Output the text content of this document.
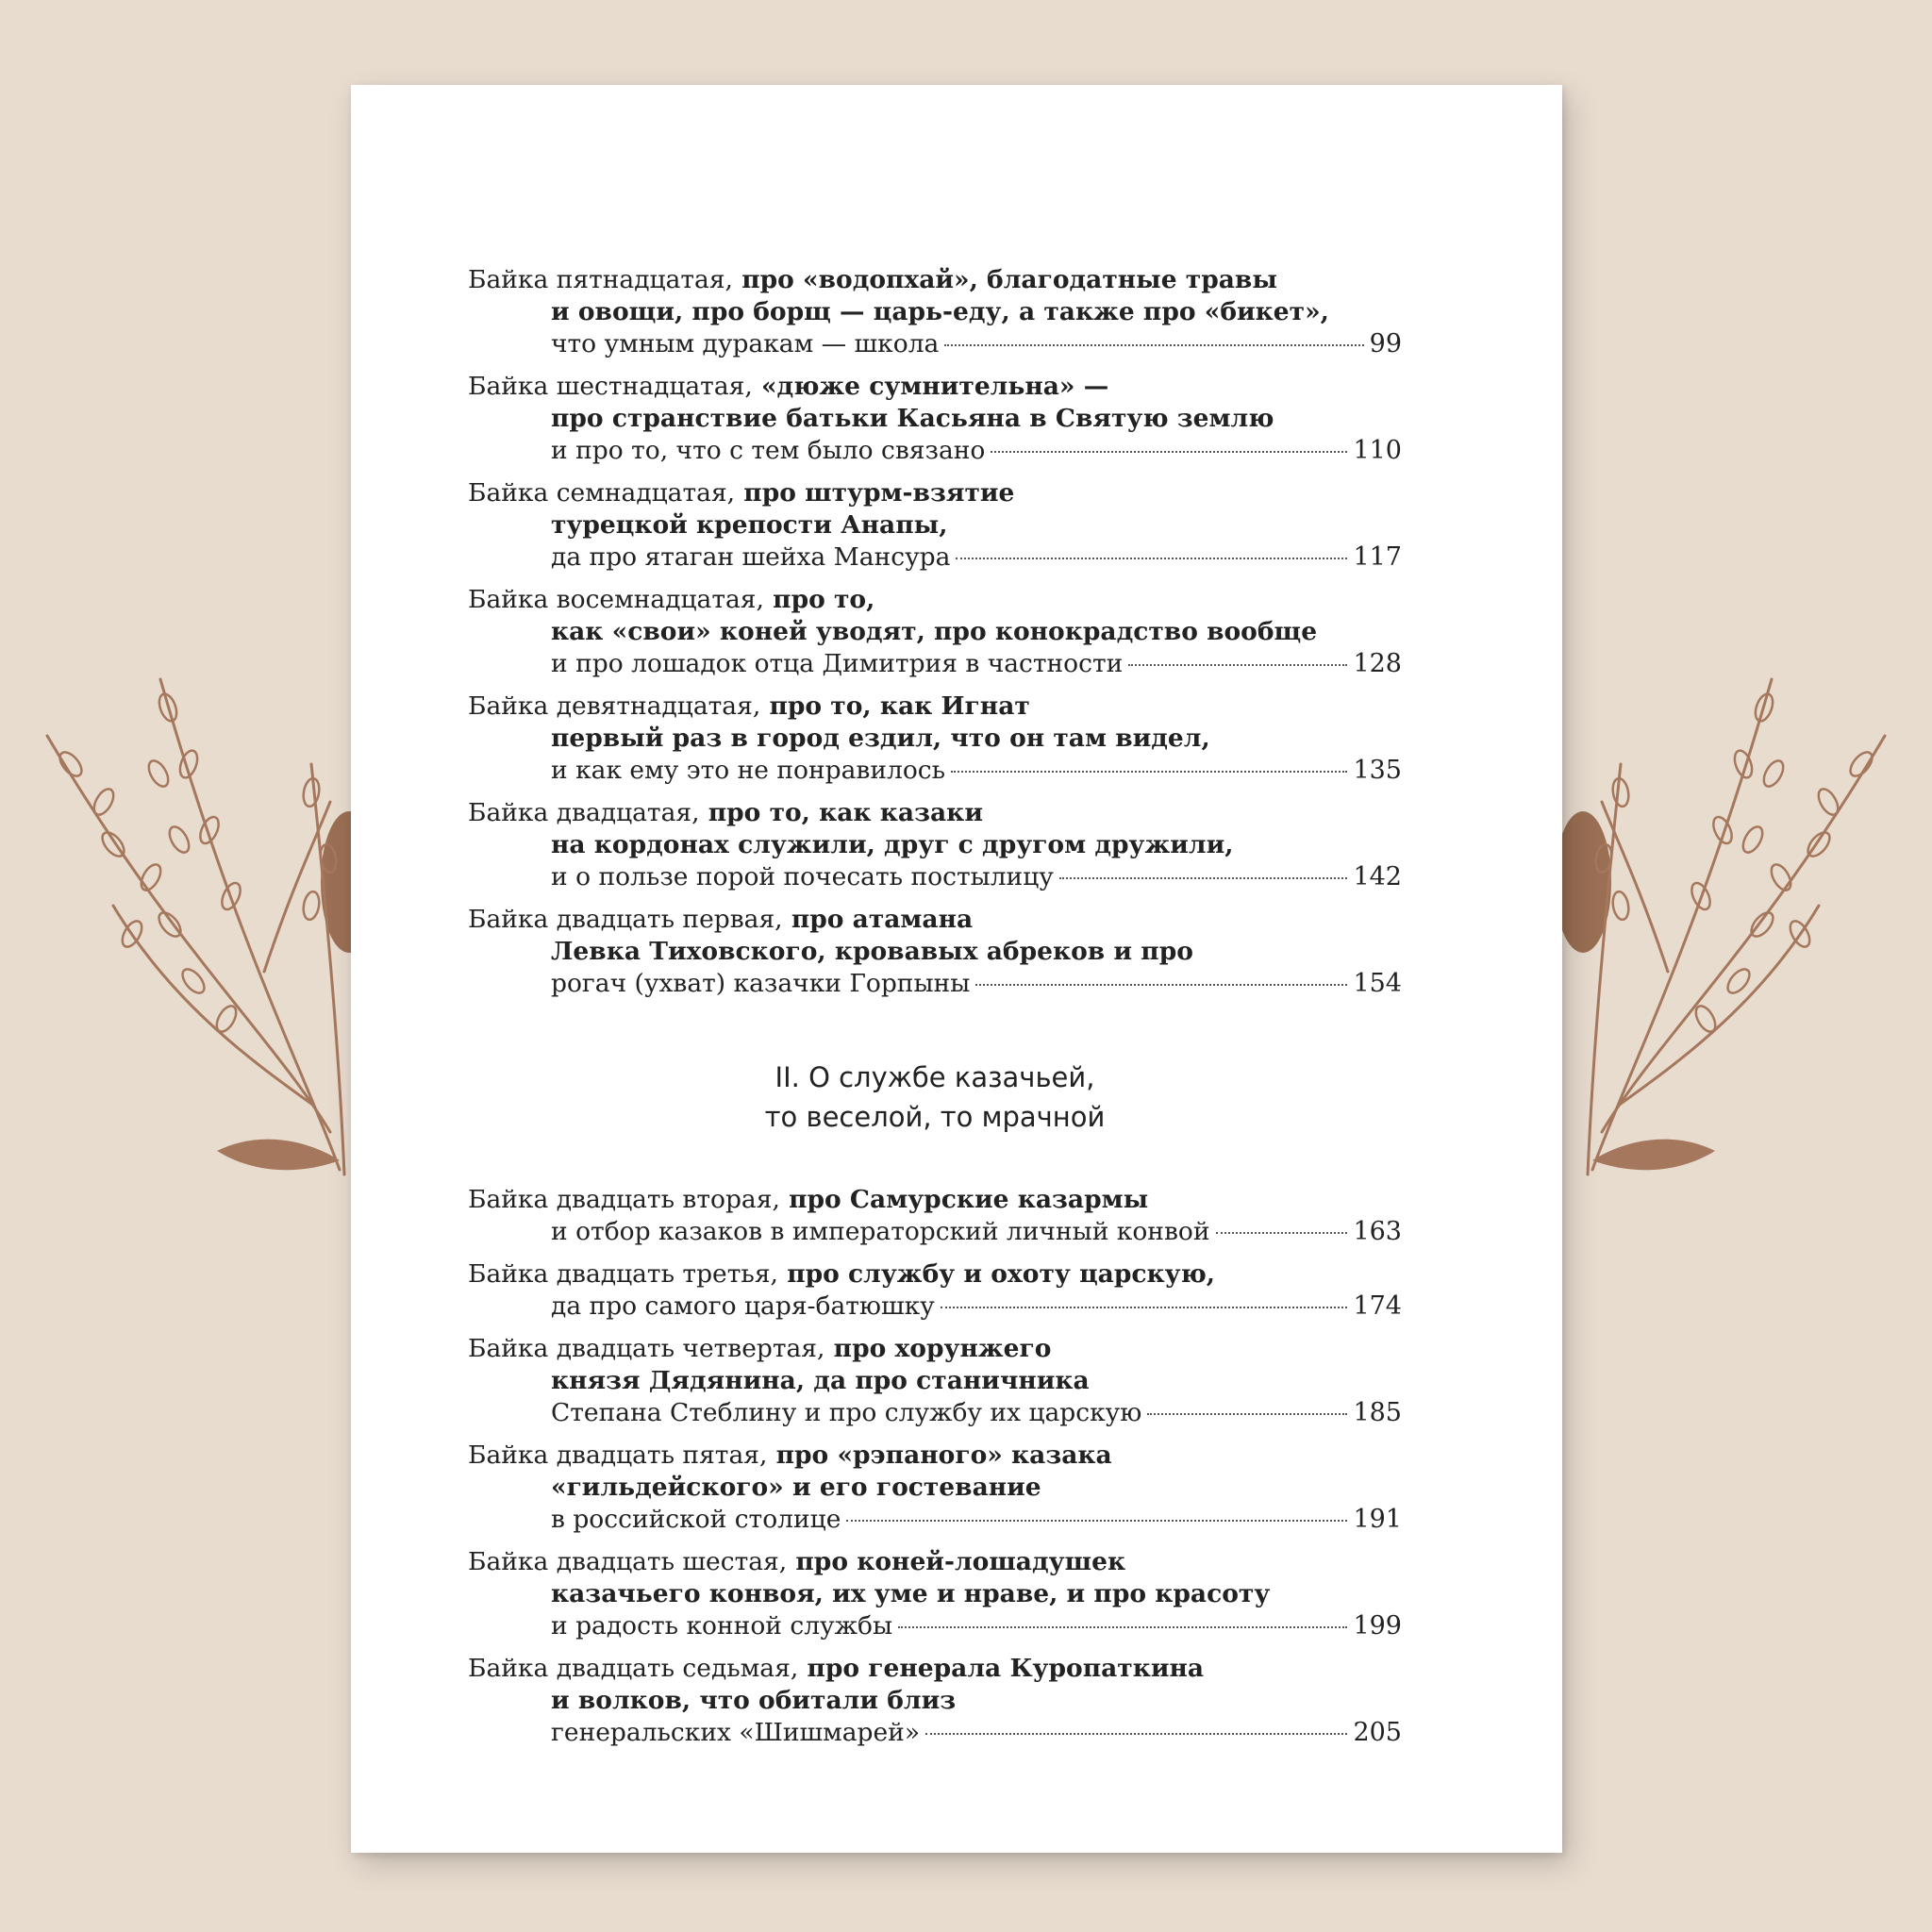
Байка пятнадцатая, про «водопхай», благодатные травы
и овощи, про борщ — царь-еду, а также про «бикет»,
что умным дуракам — школа	99
Байка шестнадцатая, «дюже сумнительна» —
про странствие батьки Касьяна в Святую землю
и про то, что с тем было связано	110
Байка семнадцатая, про штурм-взятие
турецкой крепости Анапы,
да про ятаган шейха Мансура	117
Байка восемнадцатая, про то,
как «свои» коней уводят, про конокрадство вообще
и про лошадок отца Димитрия в частности	128
Байка девятнадцатая, про то, как Игнат
первый раз в город ездил, что он там видел,
и как ему это не понравилось	135
Байка двадцатая, про то, как казаки
на кордонах служили, друг с другом дружили,
и о пользе порой почесать постылицу	142
Байка двадцать первая, про атамана
Левка Тиховского, кровавых абреков и про
рогач (ухват) казачки Горпыны	154
II. О службе казачьей,
то веселой, то мрачной
Байка двадцать вторая, про Самурские казармы
и отбор казаков в императорский личный конвой	163
Байка двадцать третья, про службу и охоту царскую,
да про самого царя-батюшку	174
Байка двадцать четвертая, про хорунжего
князя Дядянина, да про станичника
Степана Стеблину и про службу их царскую	185
Байка двадцать пятая, про «рэпаного» казака
«гильдейского» и его гостевание
в российской столице	191
Байка двадцать шестая, про коней-лошадушек
казачьего конвоя, их уме и нраве, и про красоту
и радость конной службы	199
Байка двадцать седьмая, про генерала Куропаткина
и волков, что обитали близ
генеральских «Шишмарей»	205
